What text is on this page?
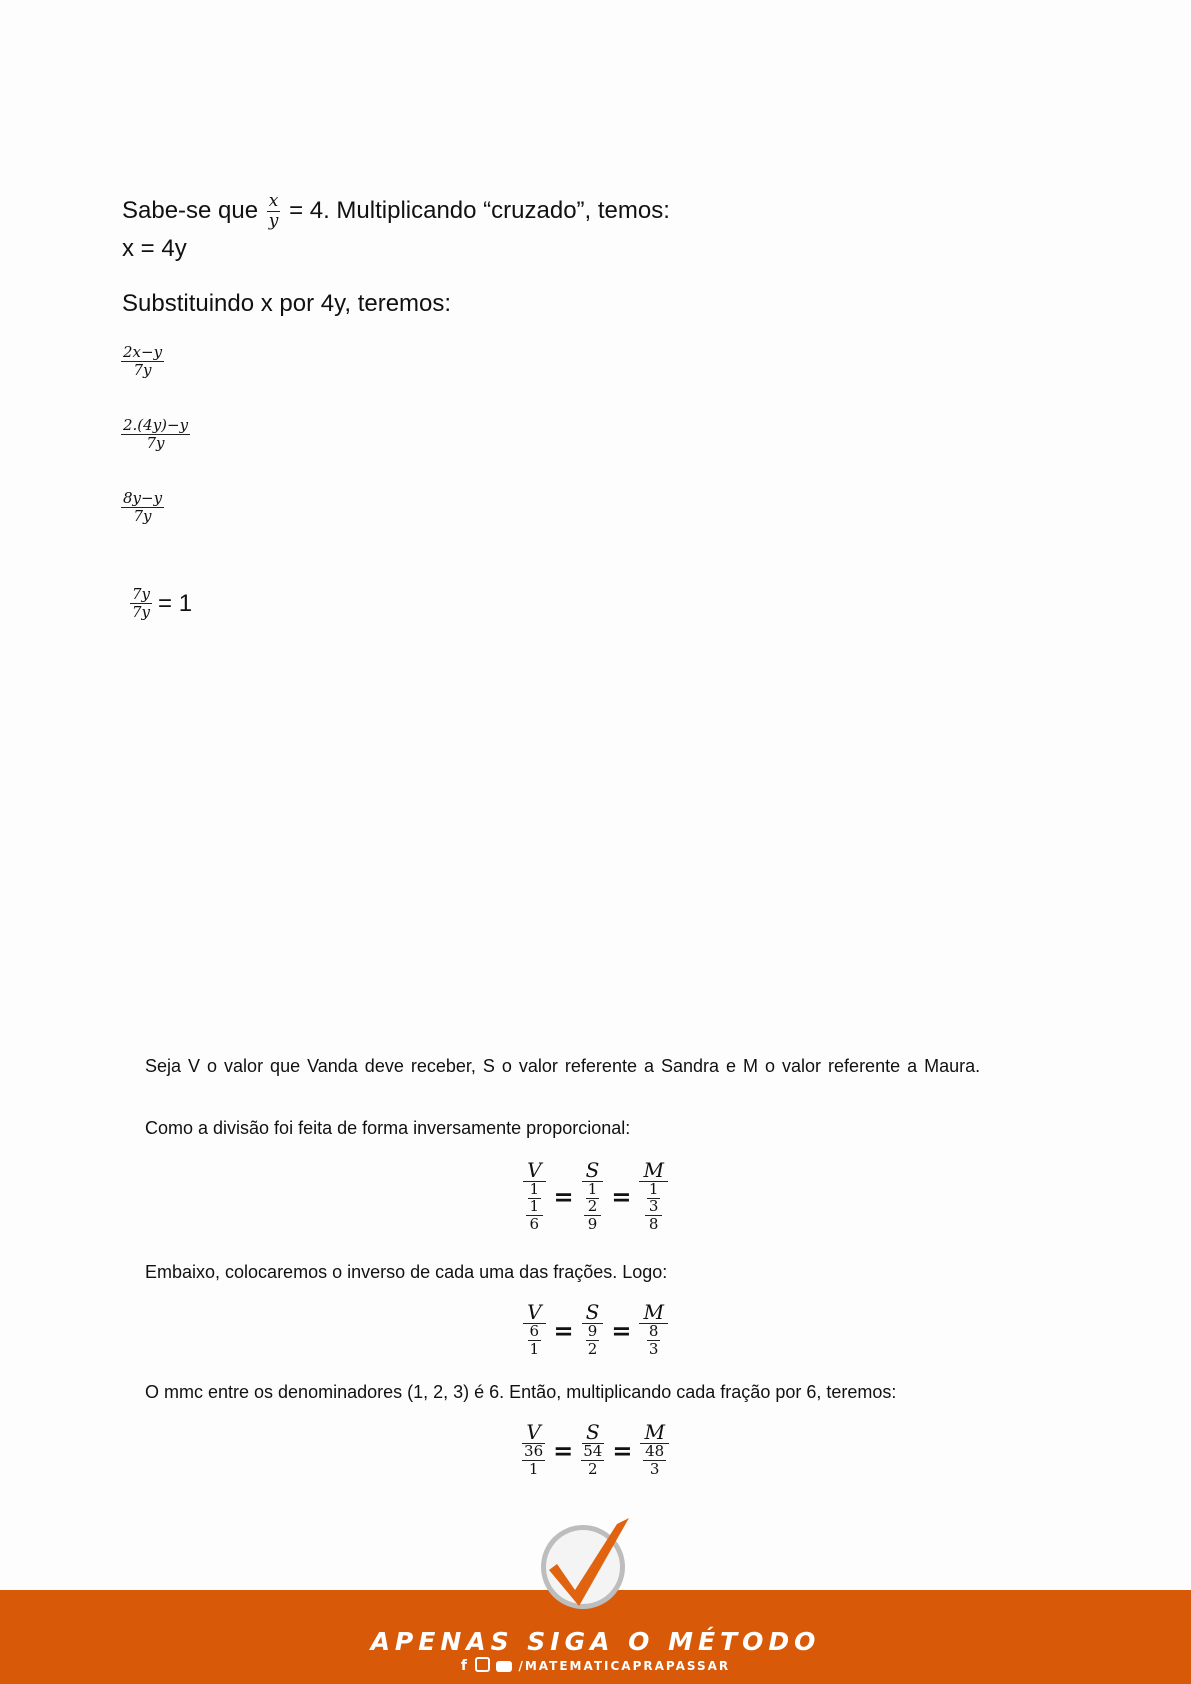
Sabe-se que $\frac{x}{y} = 4$. Multiplicando “cruzado”, temos:
x = 4y
Substituindo x por 4y, teremos:
$\frac{2x-y}{7y}$
$\frac{2.(4y)-y}{7y}$
$\frac{8y-y}{7y}$
$\frac{7y}{7y} = 1$
Seja V o valor que Vanda deve receber, S o valor referente a Sandra e M o valor referente a Maura.
Como a divisão foi feita de forma inversamente proporcional:
V
1
$\frac{1}{6} = S$
1
$\frac{2}{9} = M$
1
$\frac{3}{8}$
Embaixo, colocaremos o inverso de cada uma das frações. Logo:
V
6
1 = S
9
2 = M
8
3
O mmc entre os denominadores (1, 2, 3) é 6. Então, multiplicando cada fração por 6, teremos:
V
36
1 = S
54
2 = M
48
3
APENAS SIGA O MÉTODO
f	/MATEMATICAPRAPASSAR
